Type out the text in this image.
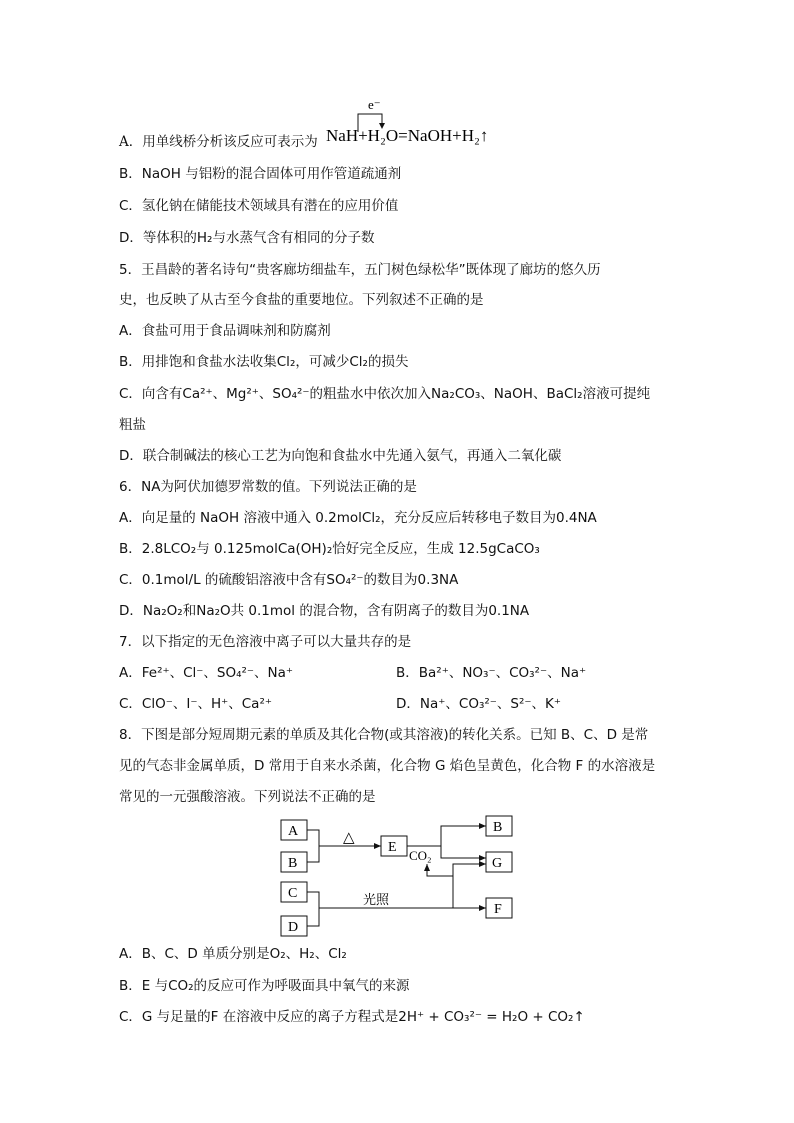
A．用单线桥分析该反应可表示为
e⁻
NaH+H₂O=NaOH+H₂↑
B．NaOH 与铝粉的混合固体可用作管道疏通剂
C．氢化钠在储能技术领域具有潜在的应用价值
D．等体积的H₂与水蒸气含有相同的分子数
5．王昌龄的著名诗句“贵客廊坊细盐车，五门树色绿松华”既体现了廊坊的悠久历
史，也反映了从古至今食盐的重要地位。下列叙述不正确的是
A．食盐可用于食品调味剂和防腐剂
B．用排饱和食盐水法收集Cl₂，可减少Cl₂的损失
C．向含有Ca²⁺、Mg²⁺、SO₄²⁻的粗盐水中依次加入Na₂CO₃、NaOH、BaCl₂溶液可提纯
粗盐
D．联合制碱法的核心工艺为向饱和食盐水中先通入氨气，再通入二氧化碳
6．NA为阿伏加德罗常数的值。下列说法正确的是
A．向足量的 NaOH 溶液中通入 0.2molCl₂，充分反应后转移电子数目为0.4NA
B．2.8LCO₂与 0.125molCa(OH)₂恰好完全反应，生成 12.5gCaCO₃
C．0.1mol/L 的硫酸铝溶液中含有SO₄²⁻的数目为0.3NA
D．Na₂O₂和Na₂O共 0.1mol 的混合物，含有阴离子的数目为0.1NA
7．以下指定的无色溶液中离子可以大量共存的是
A．Fe²⁺、Cl⁻、SO₄²⁻、Na⁺	B．Ba²⁺、NO₃⁻、CO₃²⁻、Na⁺
C．ClO⁻、I⁻、H⁺、Ca²⁺	D．Na⁺、CO₃²⁻、S²⁻、K⁺
8．下图是部分短周期元素的单质及其化合物(或其溶液)的转化关系。已知 B、C、D 是常
见的气态非金属单质，D 常用于自来水杀菌，化合物 G 焰色呈黄色，化合物 F 的水溶液是
常见的一元强酸溶液。下列说法不正确的是
A
B
C
D
E
B
G
F
△
CO₂
光照
A．B、C、D 单质分别是O₂、H₂、Cl₂
B．E 与CO₂的反应可作为呼吸面具中氧气的来源
C．G 与足量的F 在溶液中反应的离子方程式是2H⁺ + CO₃²⁻ = H₂O + CO₂↑
